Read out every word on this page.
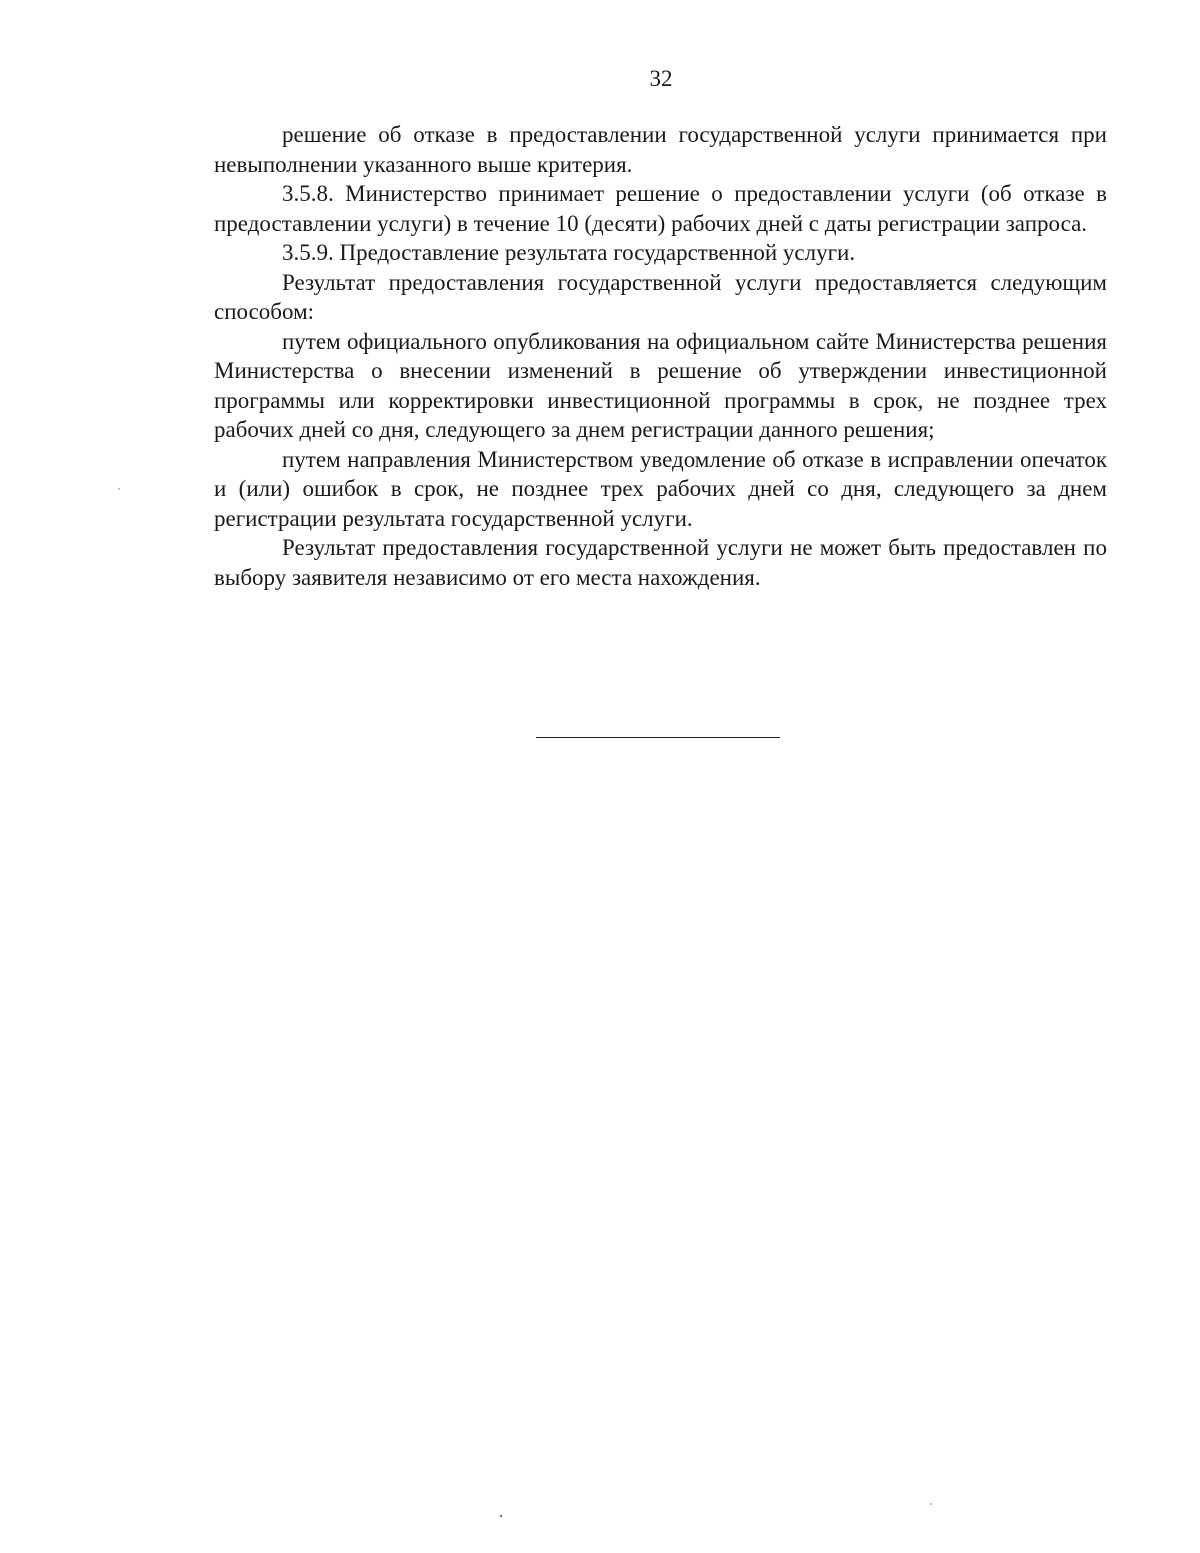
32

решение об отказе в предоставлении государственной услуги принимается при невыполнении указанного выше критерия.

3.5.8. Министерство принимает решение о предоставлении услуги (об отказе в предоставлении услуги) в течение 10 (десяти) рабочих дней с даты регистрации запроса.

3.5.9. Предоставление результата государственной услуги.

Результат предоставления государственной услуги предоставляется следующим способом:

путем официального опубликования на официальном сайте Министерства решения Министерства о внесении изменений в решение об утверждении инвестиционной программы или корректировки инвестиционной программы в срок, не позднее трех рабочих дней со дня, следующего за днем регистрации данного решения;

путем направления Министерством уведомление об отказе в исправлении опечаток и (или) ошибок в срок, не позднее трех рабочих дней со дня, следующего за днем регистрации результата государственной услуги.

Результат предоставления государственной услуги не может быть предоставлен по выбору заявителя независимо от его места нахождения.
